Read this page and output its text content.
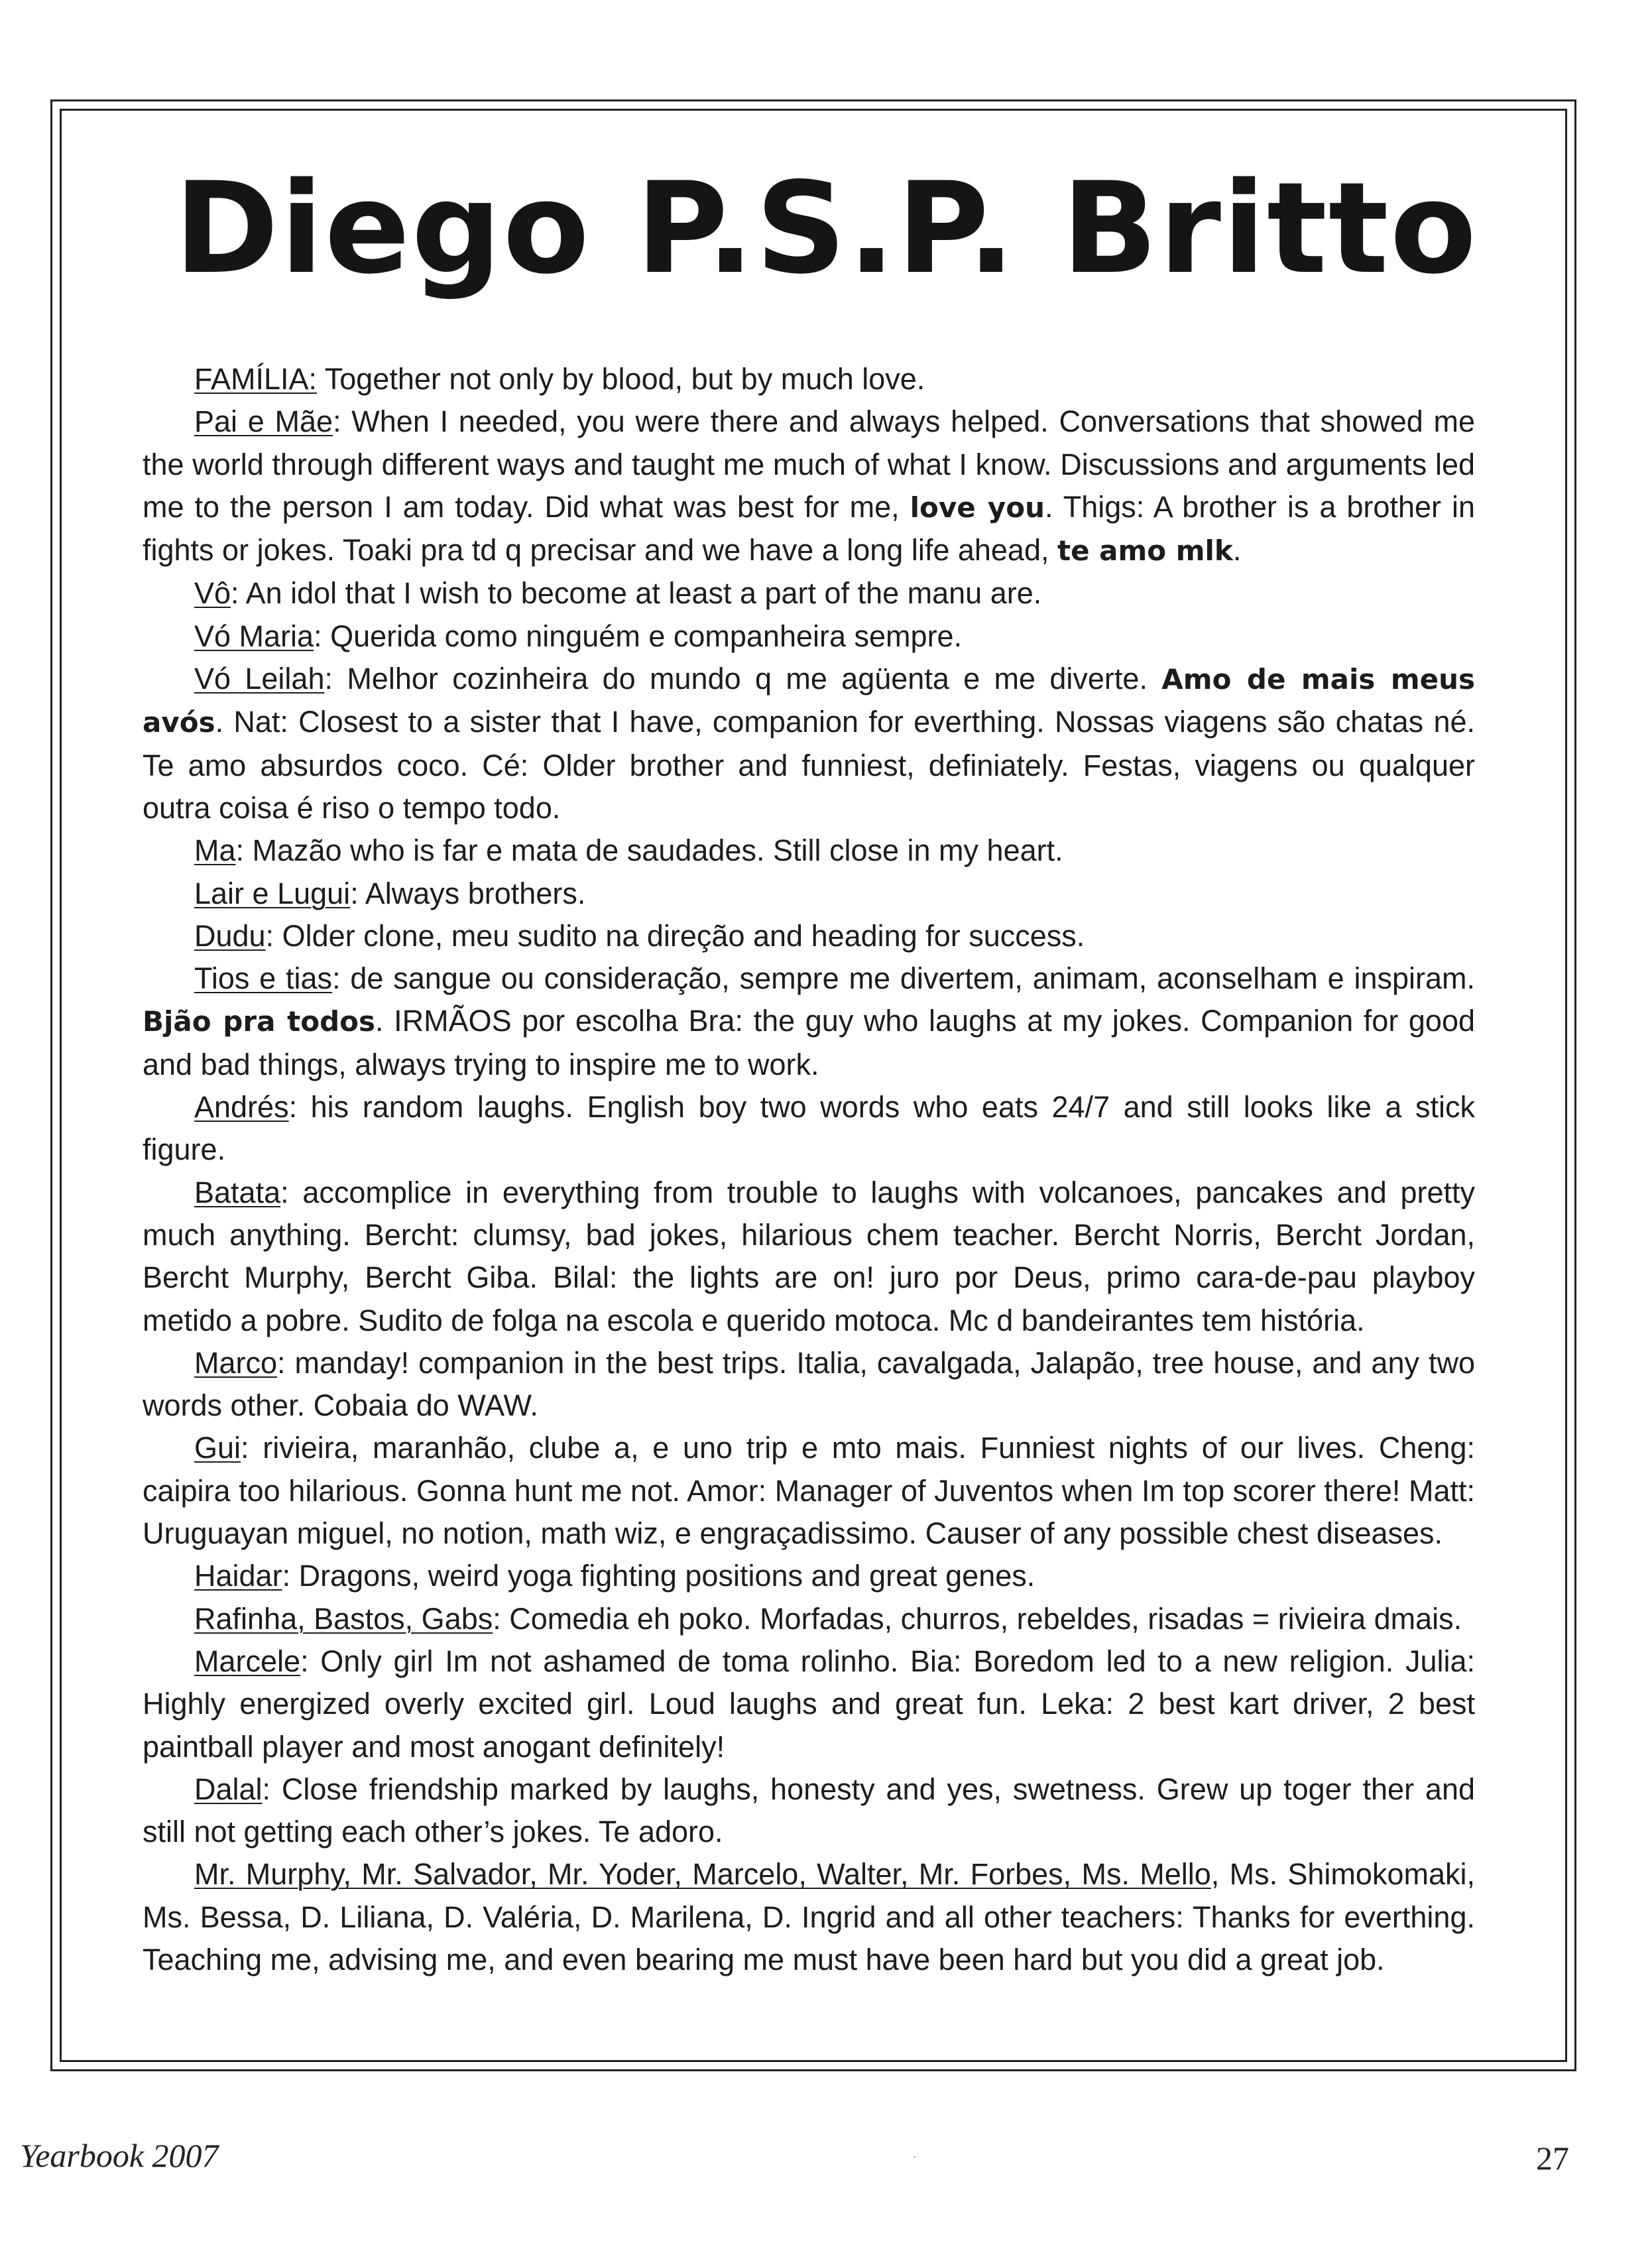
Diego P.S.P. Britto

FAMÍLIA: Together not only by blood, but by much love.

Pai e Mãe: When I needed, you were there and always helped. Conversations that showed me the world through different ways and taught me much of what I know. Discussions and arguments led me to the person I am today. Did what was best for me, love you. Thigs: A brother is a brother in fights or jokes. Toaki pra td q precisar and we have a long life ahead, te amo mlk.

Vô: An idol that I wish to become at least a part of the manu are.

Vó Maria: Querida como ninguém e companheira sempre.

Vó Leilah: Melhor cozinheira do mundo q me agüenta e me diverte. Amo de mais meus avós. Nat: Closest to a sister that I have, companion for everthing. Nossas viagens são chatas né. Te amo absurdos coco. Cé: Older brother and funniest, definiately. Festas, viagens ou qualquer outra coisa é riso o tempo todo.

Ma: Mazão who is far e mata de saudades. Still close in my heart.

Lair e Lugui: Always brothers.

Dudu: Older clone, meu sudito na direção and heading for success.

Tios e tias: de sangue ou consideração, sempre me divertem, animam, aconselham e inspiram. Bjão pra todos. IRMÃOS por escolha Bra: the guy who laughs at my jokes. Companion for good and bad things, always trying to inspire me to work.

Andrés: his random laughs. English boy two words who eats 24/7 and still looks like a stick figure.

Batata: accomplice in everything from trouble to laughs with volcanoes, pancakes and pretty much anything. Bercht: clumsy, bad jokes, hilarious chem teacher. Bercht Norris, Bercht Jordan, Bercht Murphy, Bercht Giba. Bilal: the lights are on! juro por Deus, primo cara-de-pau playboy metido a pobre. Sudito de folga na escola e querido motoca. Mc d bandeirantes tem história.

Marco: manday! companion in the best trips. Italia, cavalgada, Jalapão, tree house, and any two words other. Cobaia do WAW.

Gui: rivieira, maranhão, clube a, e uno trip e mto mais. Funniest nights of our lives. Cheng: caipira too hilarious. Gonna hunt me not. Amor: Manager of Juventos when Im top scorer there! Matt: Uruguayan miguel, no notion, math wiz, e engraçadissimo. Causer of any possible chest diseases.

Haidar: Dragons, weird yoga fighting positions and great genes.

Rafinha, Bastos, Gabs: Comedia eh poko. Morfadas, churros, rebeldes, risadas = rivieira dmais.

Marcele: Only girl Im not ashamed de toma rolinho. Bia: Boredom led to a new religion. Julia: Highly energized overly excited girl. Loud laughs and great fun. Leka: 2 best kart driver, 2 best paintball player and most anogant definitely!

Dalal: Close friendship marked by laughs, honesty and yes, swetness. Grew up toger ther and still not getting each other’s jokes. Te adoro.

Mr. Murphy, Mr. Salvador, Mr. Yoder, Marcelo, Walter, Mr. Forbes, Ms. Mello, Ms. Shimokomaki, Ms. Bessa, D. Liliana, D. Valéria, D. Marilena, D. Ingrid and all other teachers: Thanks for everthing. Teaching me, advising me, and even bearing me must have been hard but you did a great job.

Yearbook 2007	27
